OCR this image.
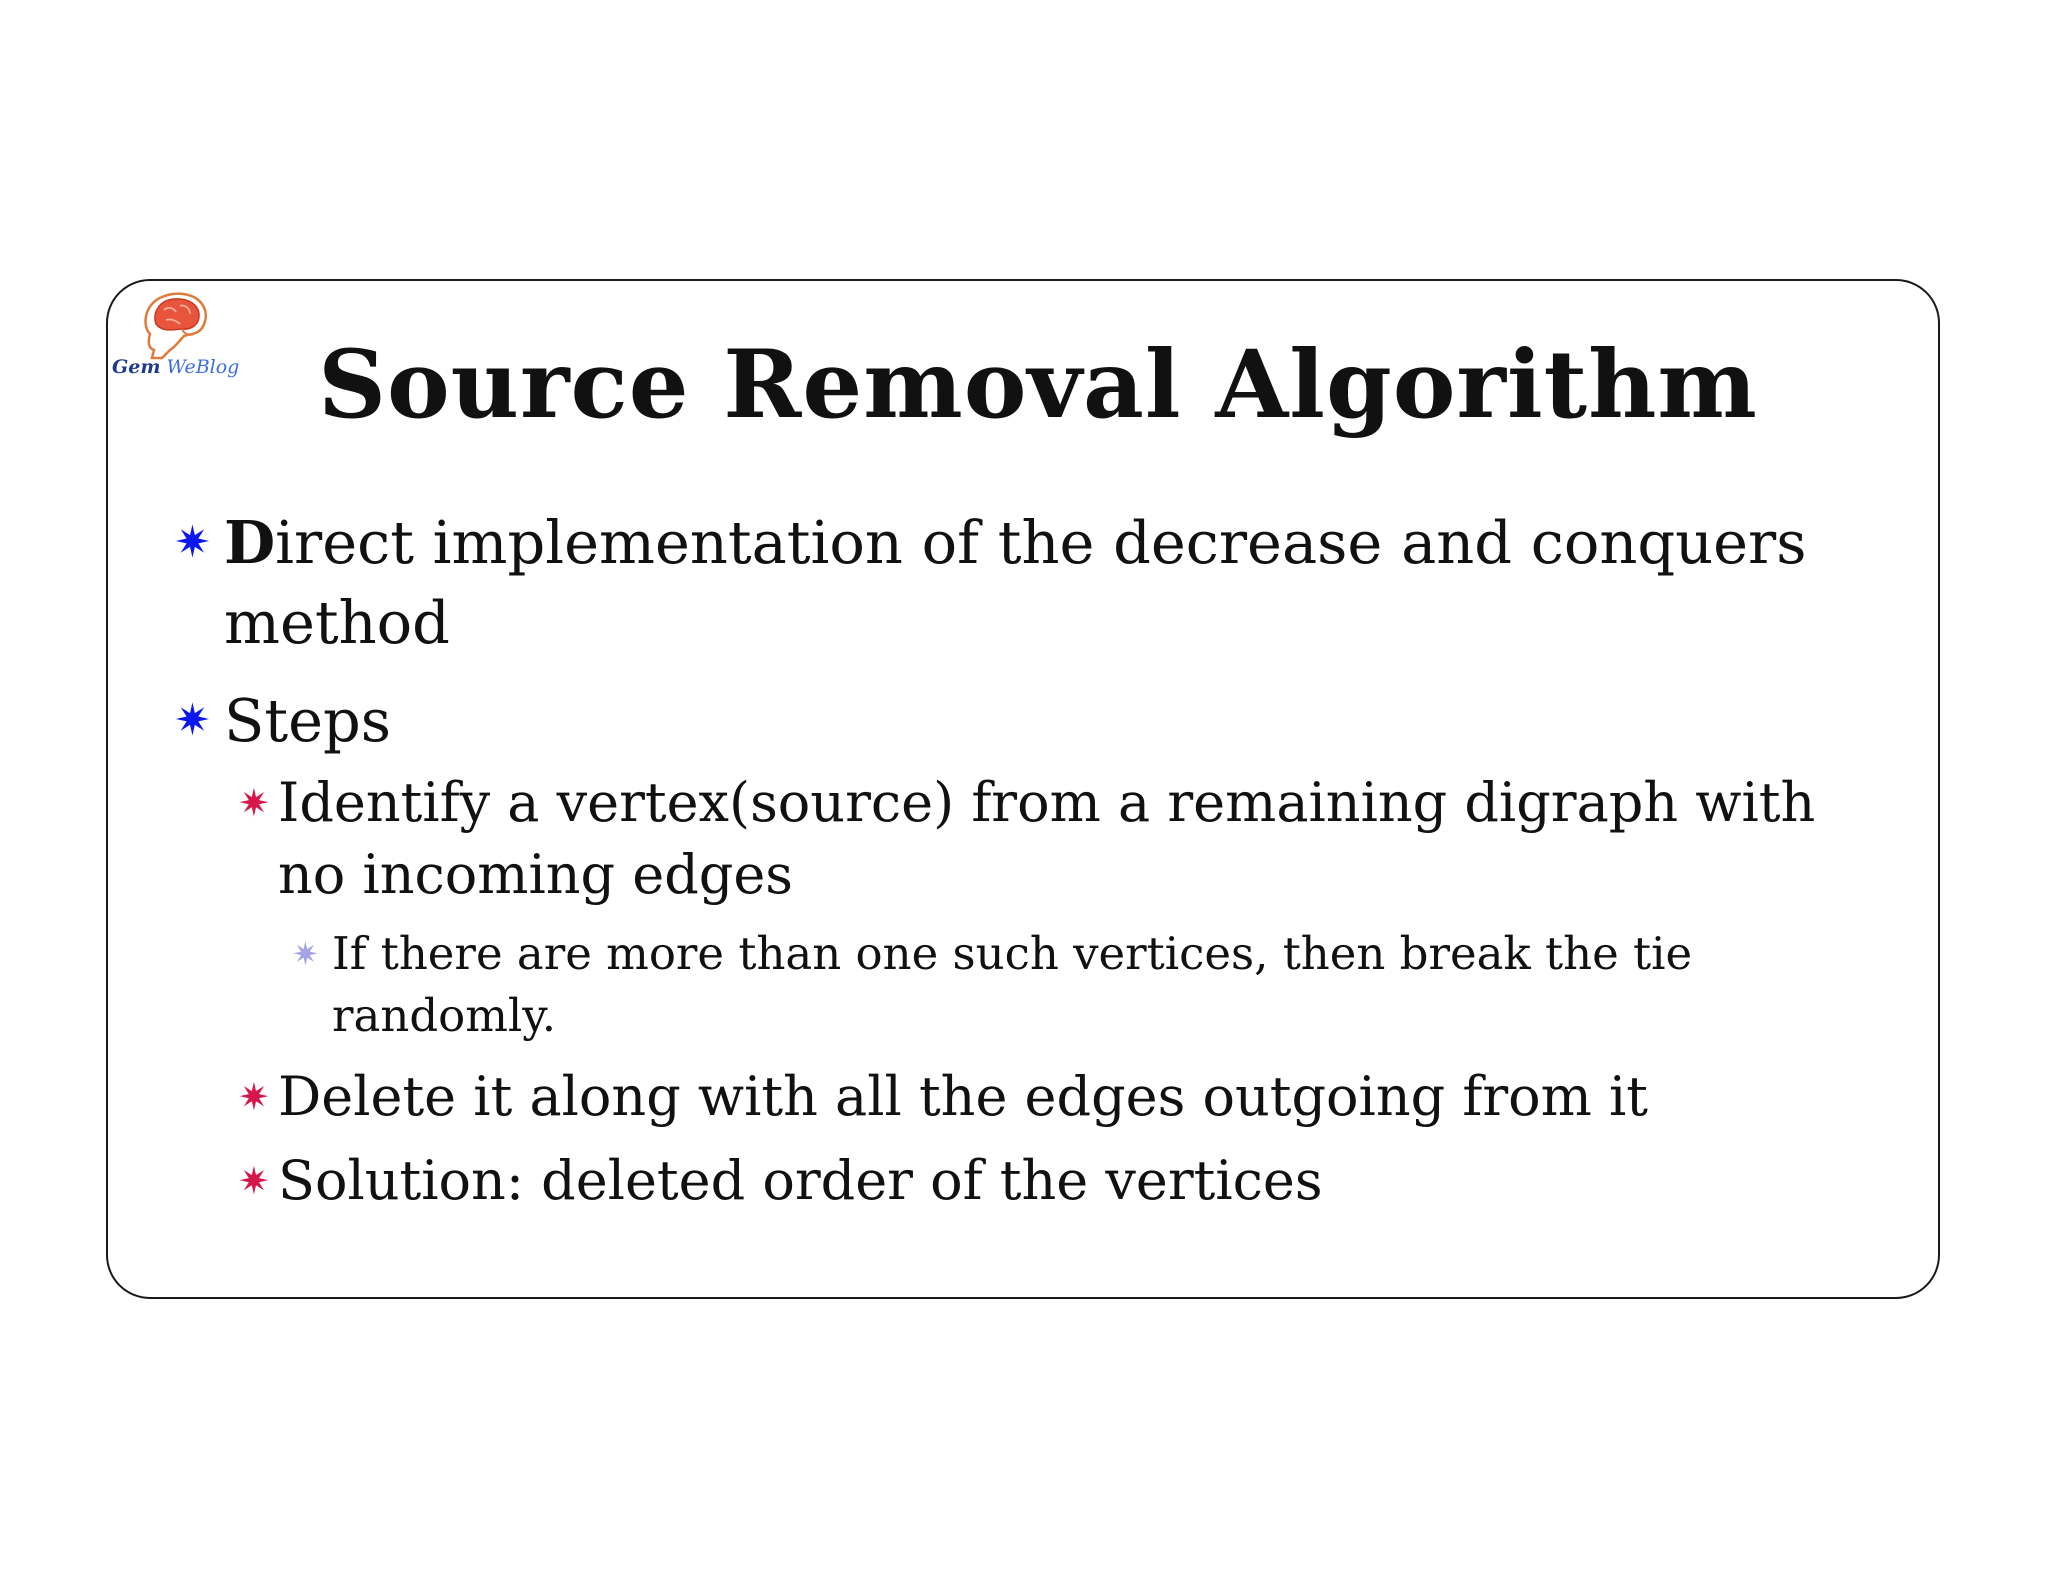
Gem WeBlog Source Removal Algorithm
✷ Direct implementation of the decrease and conquers method
✷ Steps
✷ Identify a vertex(source) from a remaining digraph with no incoming edges
✷ If there are more than one such vertices, then break the tie randomly.
✷ Delete it along with all the edges outgoing from it
✷ Solution: deleted order of the vertices
